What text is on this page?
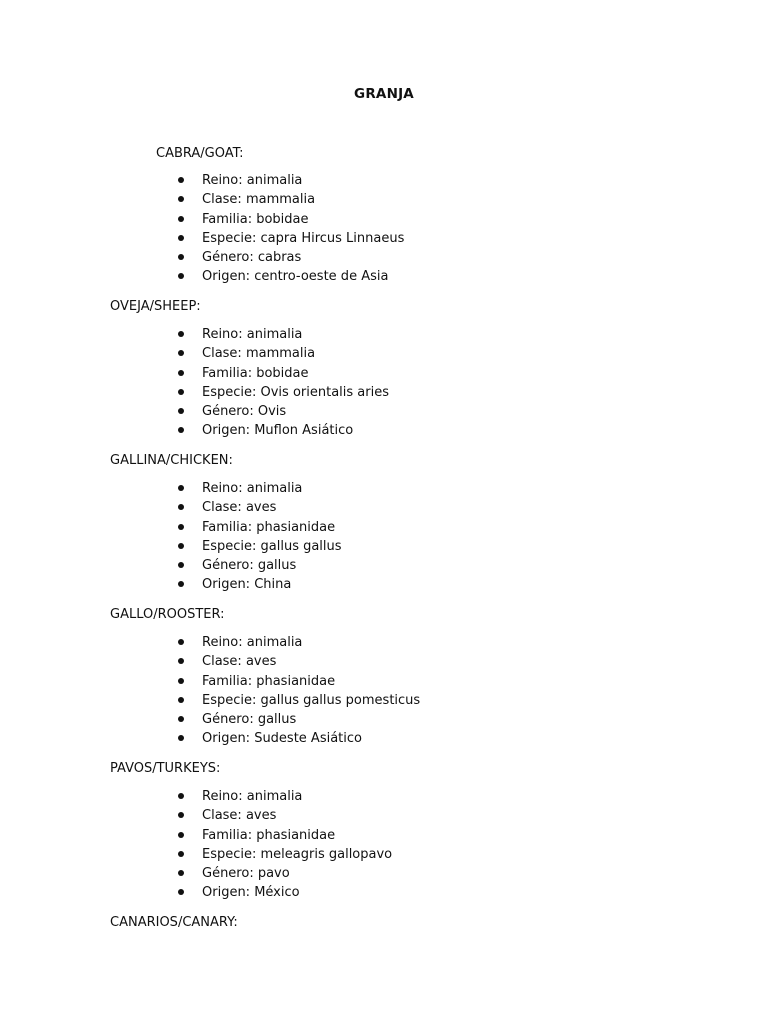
GRANJA
CABRA/GOAT:
Reino: animalia
Clase: mammalia
Familia: bobidae
Especie: capra Hircus Linnaeus
Género: cabras
Origen: centro-oeste de Asia
OVEJA/SHEEP:
Reino: animalia
Clase: mammalia
Familia: bobidae
Especie: Ovis orientalis aries
Género: Ovis
Origen: Muflon Asiático
GALLINA/CHICKEN:
Reino: animalia
Clase: aves
Familia: phasianidae
Especie: gallus gallus
Género: gallus
Origen: China
GALLO/ROOSTER:
Reino: animalia
Clase: aves
Familia: phasianidae
Especie: gallus gallus pomesticus
Género: gallus
Origen: Sudeste Asiático
PAVOS/TURKEYS:
Reino: animalia
Clase: aves
Familia: phasianidae
Especie: meleagris gallopavo
Género: pavo
Origen: México
CANARIOS/CANARY:
